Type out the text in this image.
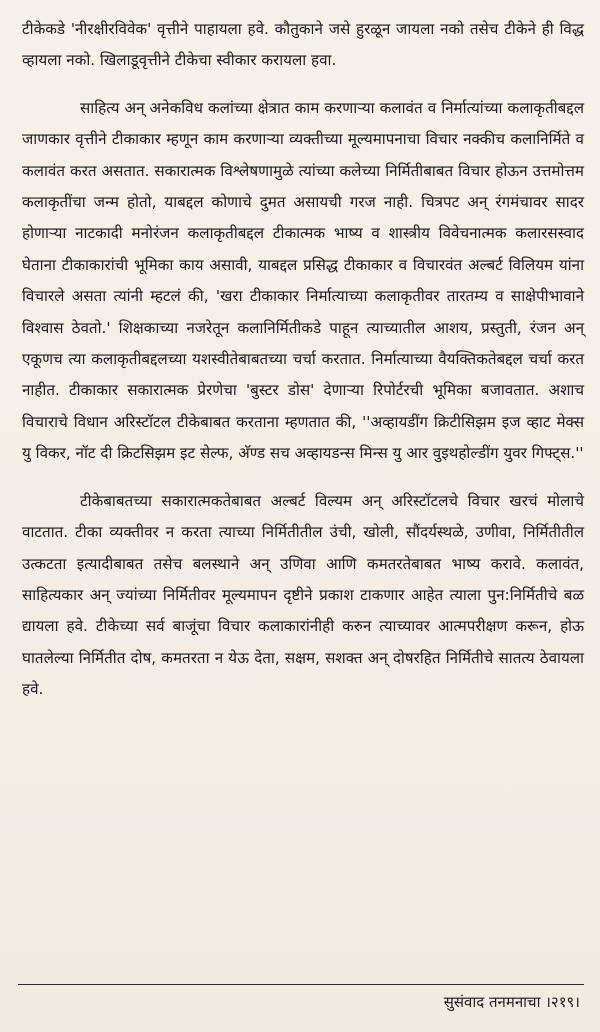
टीकेकडे 'नीरक्षीरविवेक' वृत्तीने पाहायला हवे. कौतुकाने जसे हुरळून जायला नको तसेच टीकेने ही विद्ध व्हायला नको. खिलाडूवृत्तीने टीकेचा स्वीकार करायला हवा.

साहित्य अन् अनेकविध कलांच्या क्षेत्रात काम करणाऱ्या कलावंत व निर्मात्यांच्या कलाकृतीबद्दल जाणकार वृत्तीने टीकाकार म्हणून काम करणाऱ्या व्यक्तीच्या मूल्यमापनाचा विचार नक्कीच कलानिर्मिते व कलावंत करत असतात. सकारात्मक विश्लेषणामुळे त्यांच्या कलेच्या निर्मितीबाबत विचार होऊन उत्तमोत्तम कलाकृतींचा जन्म होतो, याबद्दल कोणाचे दुमत असायची गरज नाही. चित्रपट अन् रंगमंचावर सादर होणाऱ्या नाटकादी मनोरंजन कलाकृतीबद्दल टीकात्मक भाष्य व शास्त्रीय विवेचनात्मक कलारसस्वाद घेताना टीकाकारांची भूमिका काय असावी, याबद्दल प्रसिद्ध टीकाकार व विचारवंत अल्बर्ट विलियम यांना विचारले असता त्यांनी म्हटलं की, 'खरा टीकाकार निर्मात्याच्या कलाकृतीवर तारतम्य व साक्षेपीभावाने विश्वास ठेवतो.' शिक्षकाच्या नजरेतून कलानिर्मितीकडे पाहून त्याच्यातील आशय, प्रस्तुती, रंजन अन् एकूणच त्या कलाकृतीबद्दलच्या यशस्वीतेबाबतच्या चर्चा करतात. निर्मात्याच्या वैयक्तिकतेबद्दल चर्चा करत नाहीत. टीकाकार सकारात्मक प्रेरणेचा 'बुस्टर डोस' देणाऱ्या रिपोर्टरची भूमिका बजावतात. अशाच विचाराचे विधान अरिस्टॉटल टीकेबाबत करताना म्हणतात की, ''अव्हायडींग क्रिटीसिझम इज व्हाट मेक्स यु विकर, नॉट दी क्रिटसिझम इट सेल्फ, अ‍ॅण्ड सच अव्हायडन्स मिन्स यु आर वुइथहोल्डींग युवर गिफ्ट्स.''

टीकेबाबतच्या सकारात्मकतेबाबत अल्बर्ट विल्यम अन् अरिस्टॉटलचे विचार खरचं मोलाचे वाटतात. टीका व्यक्तीवर न करता त्याच्या निर्मितीतील उंची, खोली, सौंदर्यस्थळे, उणीवा, निर्मितीतील उत्कटता इत्यादीबाबत तसेच बलस्थाने अन् उणिवा आणि कमतरतेबाबत भाष्य करावे. कलावंत, साहित्यकार अन् ज्यांच्या निर्मितीवर मूल्यमापन दृष्टीने प्रकाश टाकणार आहेत त्याला पुन:निर्मितीचे बळ द्यायला हवे. टीकेच्या सर्व बाजूंचा विचार कलाकारांनीही करुन त्याच्यावर आत्मपरीक्षण करून, होऊ घातलेल्या निर्मितीत दोष, कमतरता न येऊ देता, सक्षम, सशक्त अन् दोषरहित निर्मितीचे सातत्य ठेवायला हवे.

सुसंवाद तनमनाचा ।२१९।
